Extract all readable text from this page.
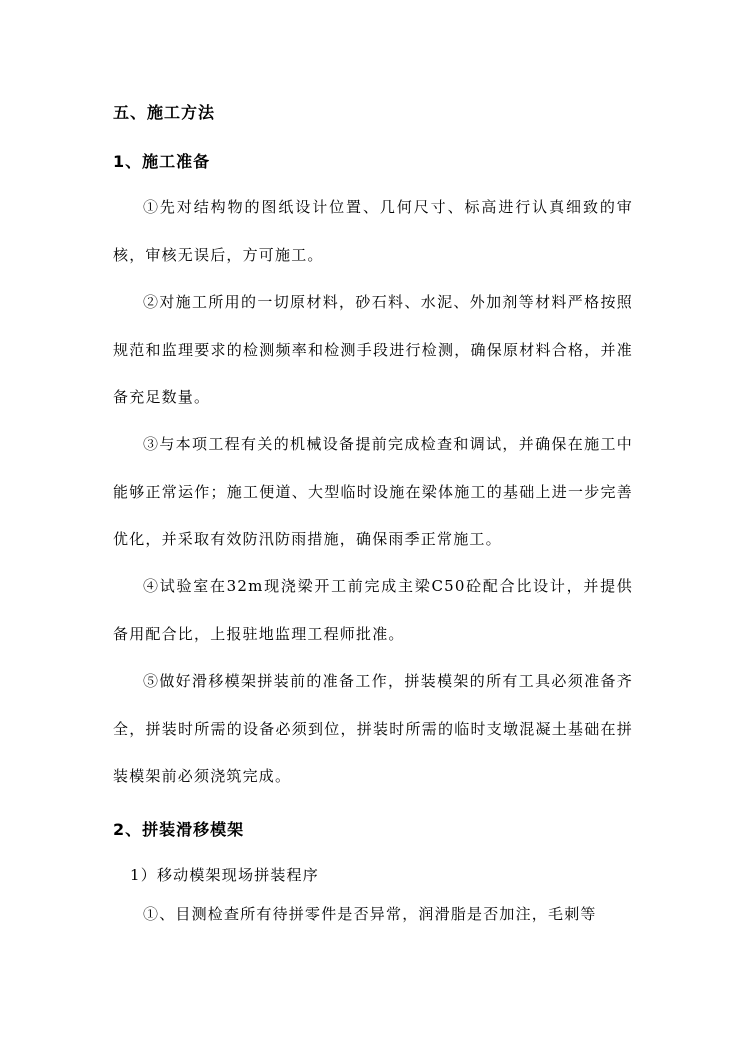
五、施工方法
1、施工准备
①先对结构物的图纸设计位置、几何尺寸、标高进行认真细致的审核，审核无误后，方可施工。
②对施工所用的一切原材料，砂石料、水泥、外加剂等材料严格按照规范和监理要求的检测频率和检测手段进行检测，确保原材料合格，并准备充足数量。
③与本项工程有关的机械设备提前完成检查和调试，并确保在施工中能够正常运作；施工便道、大型临时设施在梁体施工的基础上进一步完善优化，并采取有效防汛防雨措施，确保雨季正常施工。
④试验室在32m现浇梁开工前完成主梁C50砼配合比设计，并提供备用配合比，上报驻地监理工程师批准。
⑤做好滑移模架拼装前的准备工作，拼装模架的所有工具必须准备齐全，拼装时所需的设备必须到位，拼装时所需的临时支墩混凝土基础在拼装模架前必须浇筑完成。
2、拼装滑移模架
1）移动模架现场拼装程序
①、目测检查所有待拼零件是否异常，润滑脂是否加注，毛刺等
